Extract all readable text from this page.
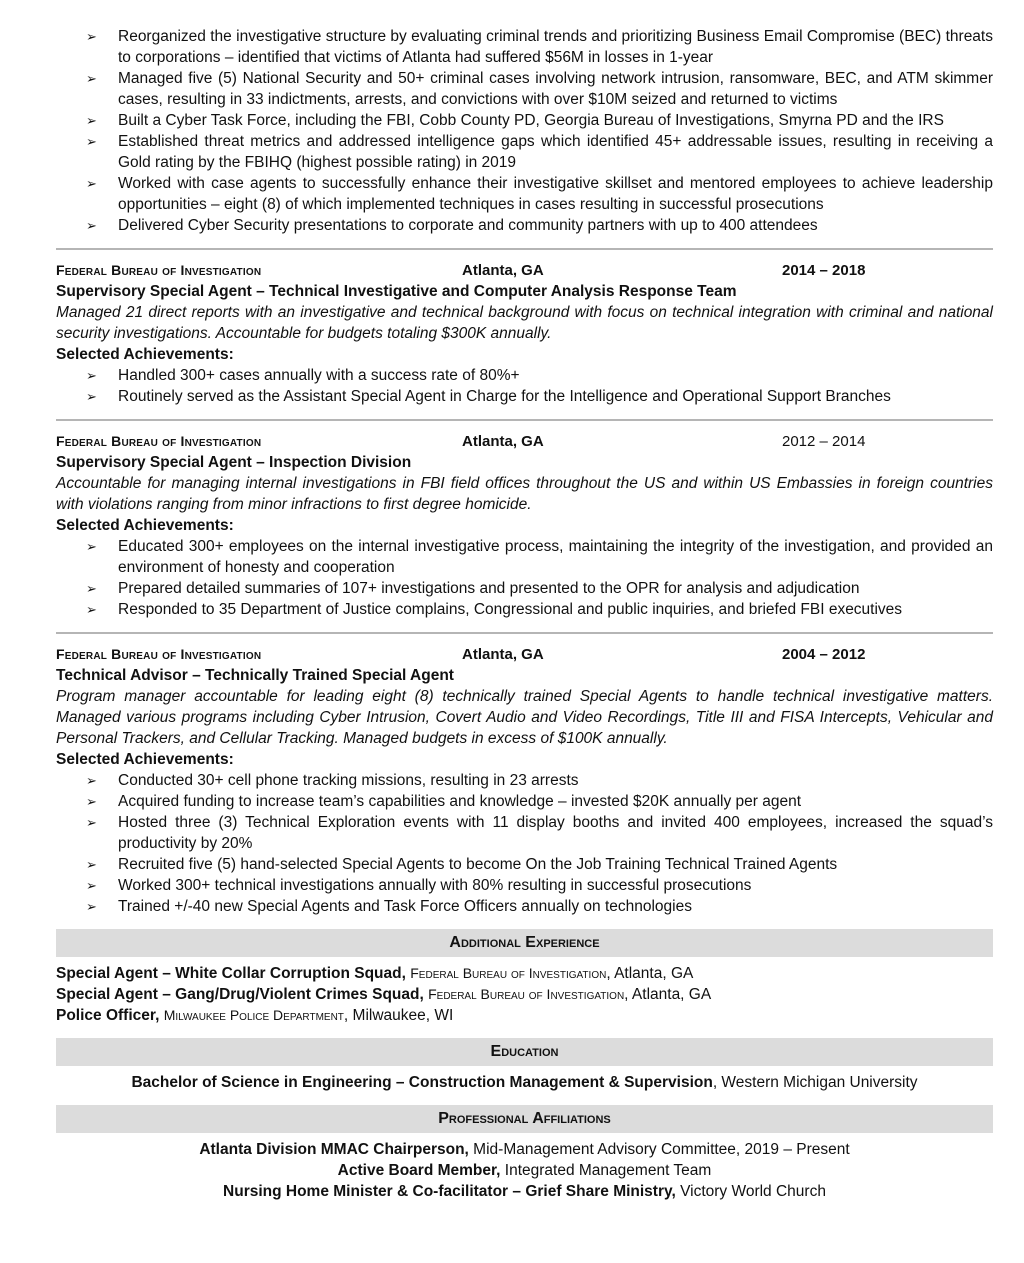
➢ Reorganized the investigative structure by evaluating criminal trends and prioritizing Business Email Compromise (BEC) threats to corporations – identified that victims of Atlanta had suffered $56M in losses in 1-year
➢ Managed five (5) National Security and 50+ criminal cases involving network intrusion, ransomware, BEC, and ATM skimmer cases, resulting in 33 indictments, arrests, and convictions with over $10M seized and returned to victims
➢ Built a Cyber Task Force, including the FBI, Cobb County PD, Georgia Bureau of Investigations, Smyrna PD and the IRS
➢ Established threat metrics and addressed intelligence gaps which identified 45+ addressable issues, resulting in receiving a Gold rating by the FBIHQ (highest possible rating) in 2019
➢ Worked with case agents to successfully enhance their investigative skillset and mentored employees to achieve leadership opportunities – eight (8) of which implemented techniques in cases resulting in successful prosecutions
➢ Delivered Cyber Security presentations to corporate and community partners with up to 400 attendees
Federal Bureau of Investigation	Atlanta, GA	2014 – 2018
Supervisory Special Agent – Technical Investigative and Computer Analysis Response Team
Managed 21 direct reports with an investigative and technical background with focus on technical integration with criminal and national security investigations. Accountable for budgets totaling $300K annually.
Selected Achievements:
➢ Handled 300+ cases annually with a success rate of 80%+
➢ Routinely served as the Assistant Special Agent in Charge for the Intelligence and Operational Support Branches
Federal Bureau of Investigation	Atlanta, GA	2012 – 2014
Supervisory Special Agent – Inspection Division
Accountable for managing internal investigations in FBI field offices throughout the US and within US Embassies in foreign countries with violations ranging from minor infractions to first degree homicide.
Selected Achievements:
➢ Educated 300+ employees on the internal investigative process, maintaining the integrity of the investigation, and provided an environment of honesty and cooperation
➢ Prepared detailed summaries of 107+ investigations and presented to the OPR for analysis and adjudication
➢ Responded to 35 Department of Justice complains, Congressional and public inquiries, and briefed FBI executives
Federal Bureau of Investigation	Atlanta, GA	2004 – 2012
Technical Advisor – Technically Trained Special Agent
Program manager accountable for leading eight (8) technically trained Special Agents to handle technical investigative matters. Managed various programs including Cyber Intrusion, Covert Audio and Video Recordings, Title III and FISA Intercepts, Vehicular and Personal Trackers, and Cellular Tracking. Managed budgets in excess of $100K annually.
Selected Achievements:
➢ Conducted 30+ cell phone tracking missions, resulting in 23 arrests
➢ Acquired funding to increase team’s capabilities and knowledge – invested $20K annually per agent
➢ Hosted three (3) Technical Exploration events with 11 display booths and invited 400 employees, increased the squad’s productivity by 20%
➢ Recruited five (5) hand-selected Special Agents to become On the Job Training Technical Trained Agents
➢ Worked 300+ technical investigations annually with 80% resulting in successful prosecutions
➢ Trained +/-40 new Special Agents and Task Force Officers annually on technologies
Additional Experience
Special Agent – White Collar Corruption Squad, Federal Bureau of Investigation, Atlanta, GA
Special Agent – Gang/Drug/Violent Crimes Squad, Federal Bureau of Investigation, Atlanta, GA
Police Officer, Milwaukee Police Department, Milwaukee, WI
Education
Bachelor of Science in Engineering – Construction Management & Supervision, Western Michigan University
Professional Affiliations
Atlanta Division MMAC Chairperson, Mid-Management Advisory Committee, 2019 – Present
Active Board Member, Integrated Management Team
Nursing Home Minister & Co-facilitator – Grief Share Ministry, Victory World Church
